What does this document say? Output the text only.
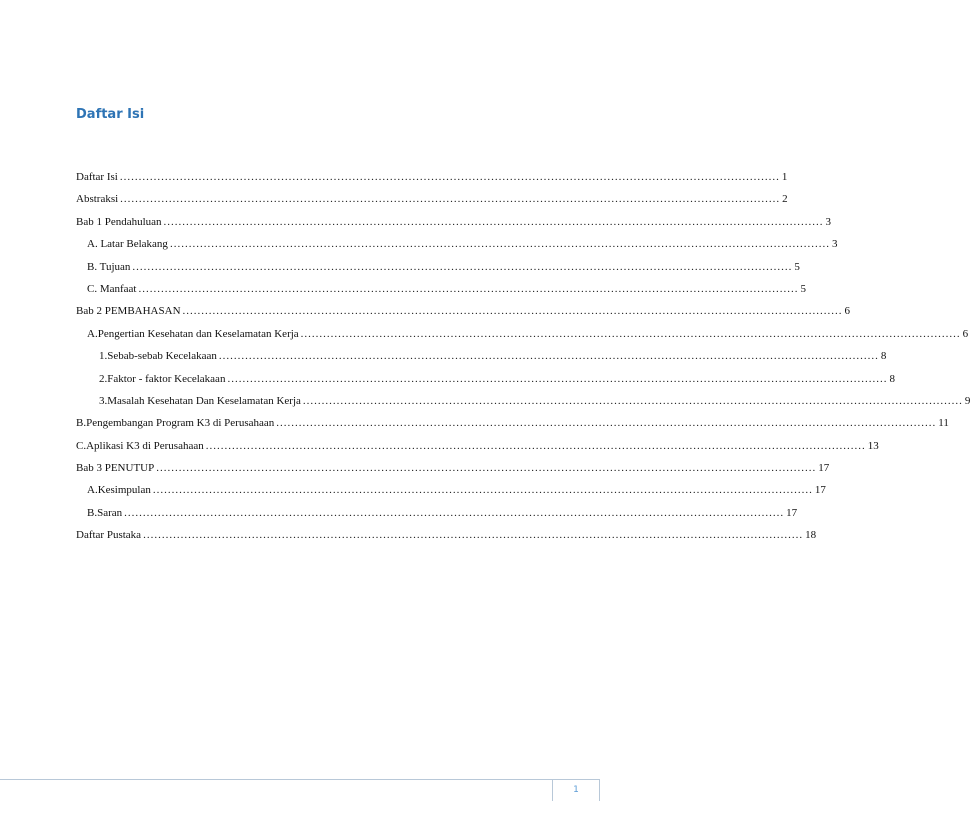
Daftar Isi
Daftar Isi ................................................................................................................................................................................ 1
Abstraksi ................................................................................................................................................................................ 2
Bab 1 Pendahuluan ................................................................................................................................................................................ 3
A. Latar Belakang ................................................................................................................................................................................ 3
B. Tujuan ................................................................................................................................................................................ 5
C. Manfaat ................................................................................................................................................................................ 5
Bab 2 PEMBAHASAN ................................................................................................................................................................................ 6
A. Pengertian Kesehatan dan Keselamatan Kerja ................................................................................................................................................................................ 6
1. Sebab-sebab Kecelakaan ................................................................................................................................................................................ 8
2. Faktor - faktor Kecelakaan ................................................................................................................................................................................ 8
3. Masalah Kesehatan Dan Keselamatan Kerja ................................................................................................................................................................................ 9
B. Pengembangan Program K3 di Perusahaan ................................................................................................................................................................................ 11
C. Aplikasi K3 di Perusahaan ................................................................................................................................................................................ 13
Bab 3 PENUTUP ................................................................................................................................................................................ 17
A. Kesimpulan ................................................................................................................................................................................ 17
B. Saran ................................................................................................................................................................................ 17
Daftar Pustaka ................................................................................................................................................................................ 18
1
